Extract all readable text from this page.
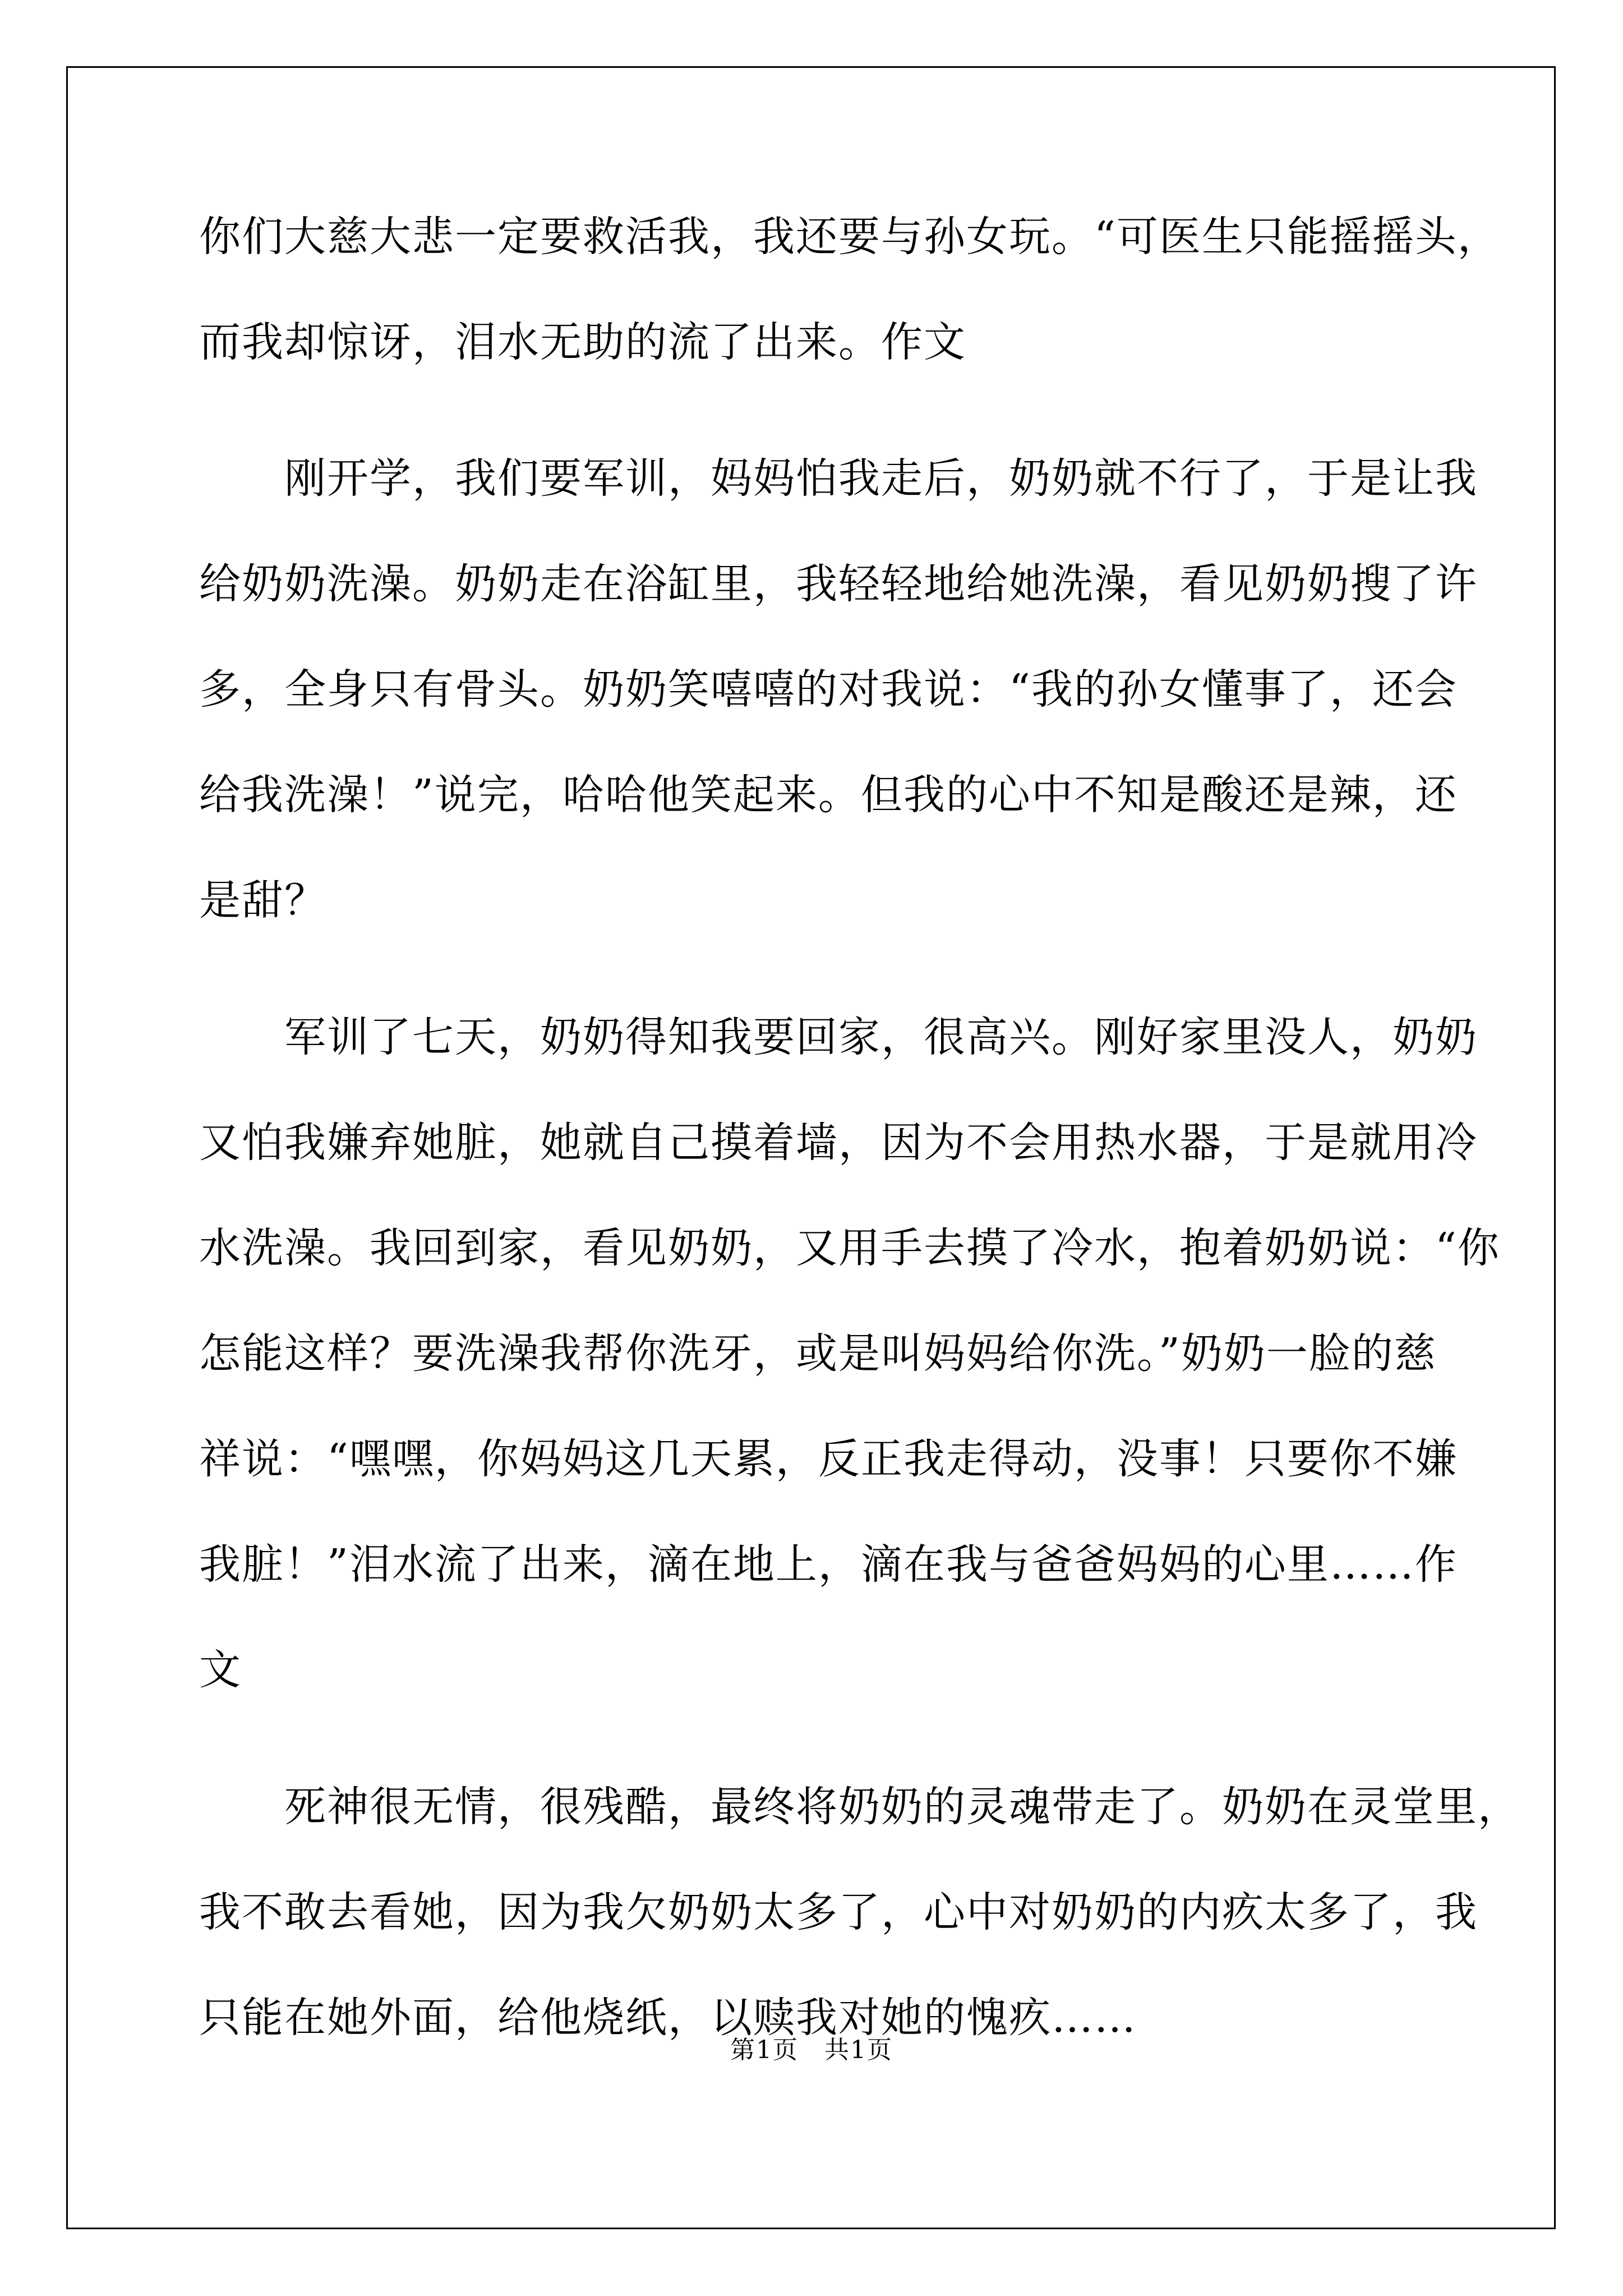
你们大慈大悲一定要救活我，我还要与孙女玩。“可医生只能摇摇头，
而我却惊讶，泪水无助的流了出来。作文
　　刚开学，我们要军训，妈妈怕我走后，奶奶就不行了，于是让我
给奶奶洗澡。奶奶走在浴缸里，我轻轻地给她洗澡，看见奶奶搜了许
多，全身只有骨头。奶奶笑嘻嘻的对我说：“我的孙女懂事了，还会
给我洗澡！”说完，哈哈他笑起来。但我的心中不知是酸还是辣，还
是甜？
　　军训了七天，奶奶得知我要回家，很高兴。刚好家里没人，奶奶
又怕我嫌弃她脏，她就自己摸着墙，因为不会用热水器，于是就用冷
水洗澡。我回到家，看见奶奶，又用手去摸了冷水，抱着奶奶说：“你
怎能这样？要洗澡我帮你洗牙，或是叫妈妈给你洗。”奶奶一脸的慈
祥说：“嘿嘿，你妈妈这几天累，反正我走得动，没事！只要你不嫌
我脏！”泪水流了出来，滴在地上，滴在我与爸爸妈妈的心里……作
文
　　死神很无情，很残酷，最终将奶奶的灵魂带走了。奶奶在灵堂里，
我不敢去看她，因为我欠奶奶太多了，心中对奶奶的内疚太多了，我
只能在她外面，给他烧纸，以赎我对她的愧疚……
第1页　共1页
